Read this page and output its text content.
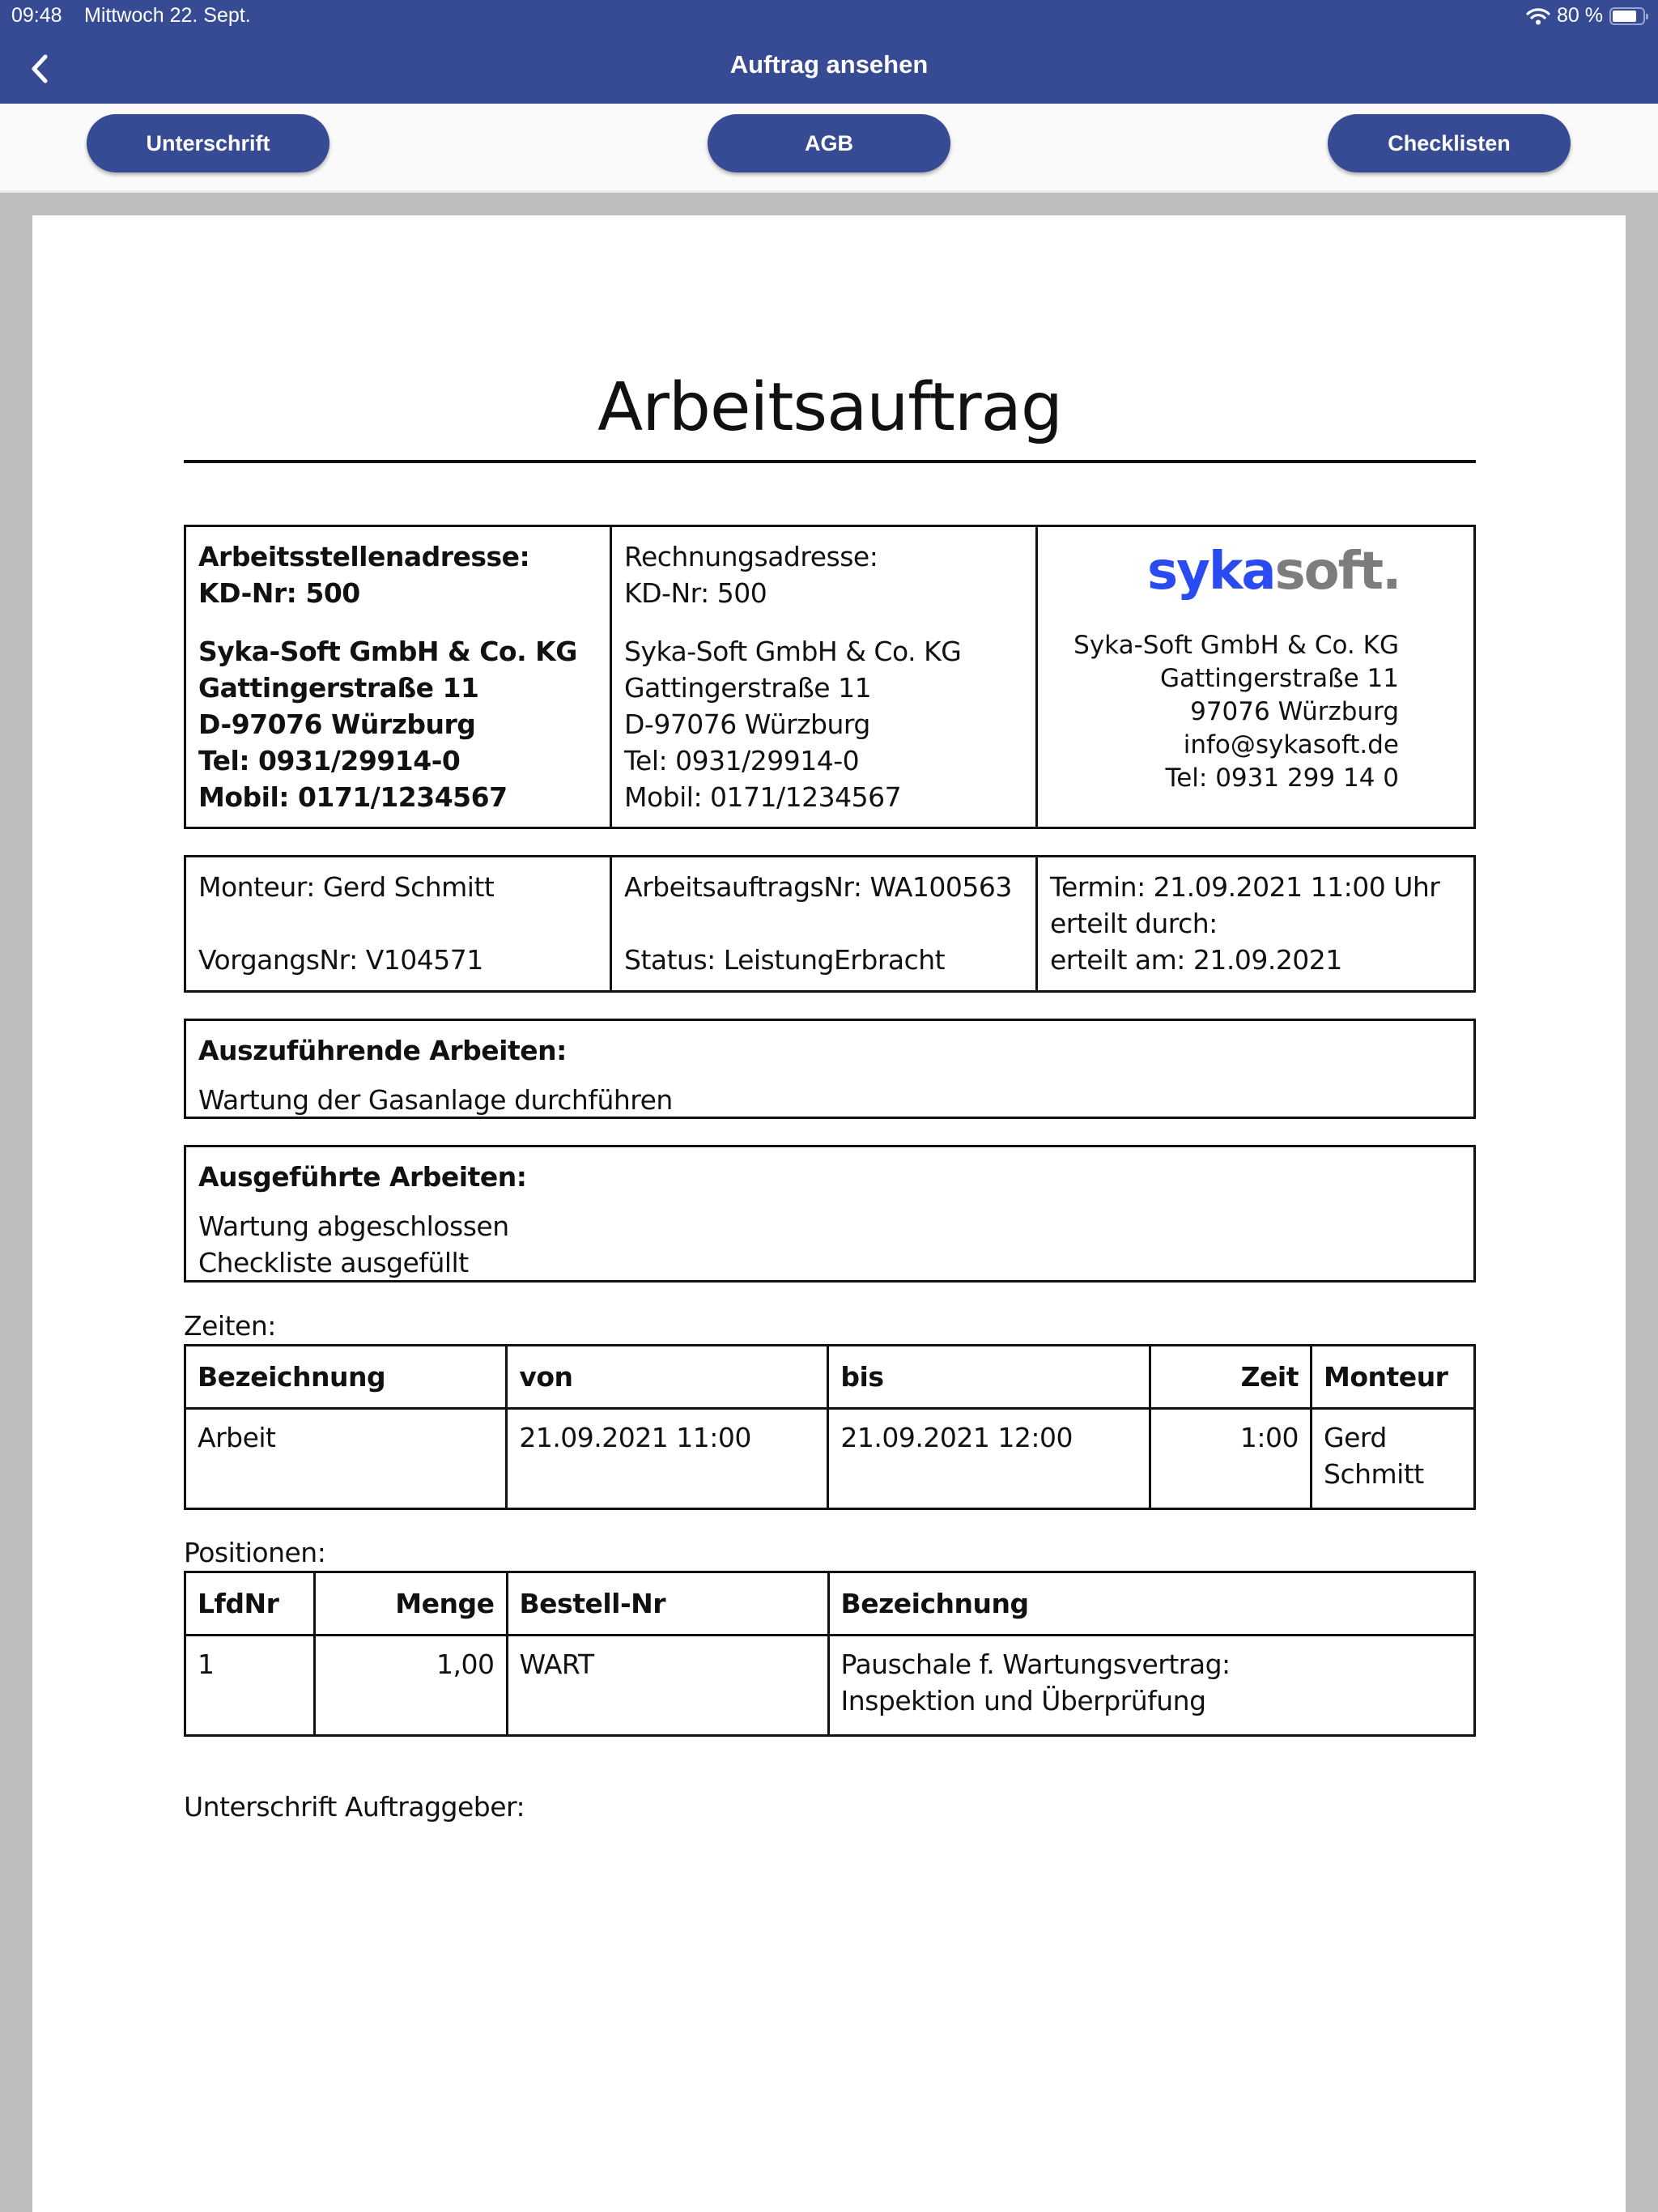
09:48 Mittwoch 22. Sept.	80 %
Auftrag ansehen
Unterschrift	AGB	Checklisten
Arbeitsauftrag
Arbeitsstellenadresse:
KD-Nr: 500
Syka-Soft GmbH & Co. KG
Gattingerstraße 11
D-97076 Würzburg
Tel: 0931/29914-0
Mobil: 0171/1234567
Rechnungsadresse:
KD-Nr: 500
Syka-Soft GmbH & Co. KG
Gattingerstraße 11
D-97076 Würzburg
Tel: 0931/29914-0
Mobil: 0171/1234567
sykasoft.
Syka-Soft GmbH & Co. KG
Gattingerstraße 11
97076 Würzburg
info@sykasoft.de
Tel: 0931 299 14 0
Monteur: Gerd Schmitt
VorgangsNr: V104571
ArbeitsauftragsNr: WA100563
Status: LeistungErbracht
Termin: 21.09.2021 11:00 Uhr
erteilt durch:
erteilt am: 21.09.2021
Auszuführende Arbeiten:
Wartung der Gasanlage durchführen
Ausgeführte Arbeiten:
Wartung abgeschlossen
Checkliste ausgefüllt
Zeiten:
Bezeichnung	von	bis	Zeit	Monteur
Arbeit	21.09.2021 11:00	21.09.2021 12:00	1:00	Gerd Schmitt
Positionen:
LfdNr	Menge	Bestell-Nr	Bezeichnung
1	1,00	WART	Pauschale f. Wartungsvertrag: Inspektion und Überprüfung
Unterschrift Auftraggeber:
